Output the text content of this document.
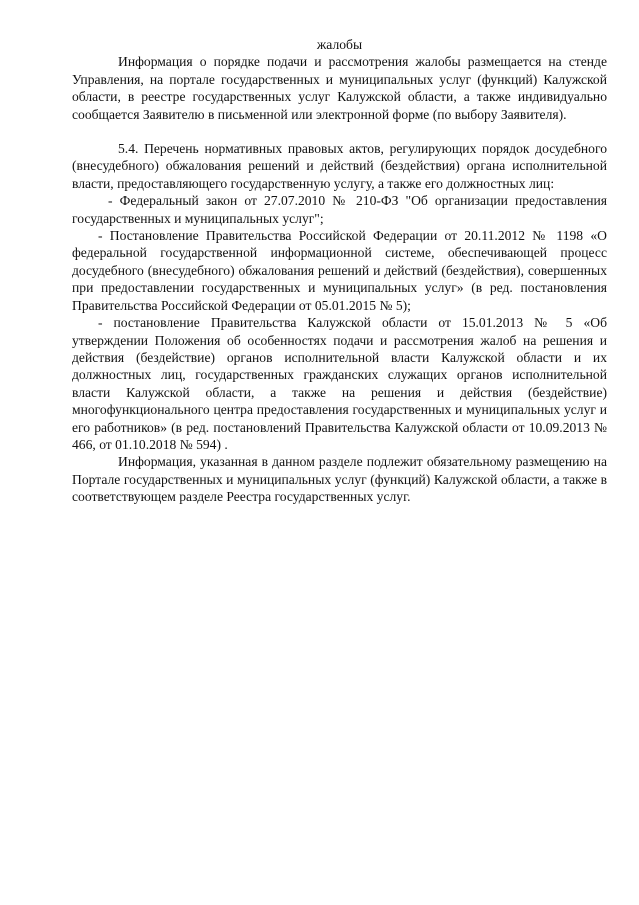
жалобы

Информация о порядке подачи и рассмотрения жалобы размещается на стенде Управления, на портале государственных и муниципальных услуг (функций) Калужской области, в реестре государственных услуг Калужской области, а также индивидуально сообщается Заявителю в письменной или электронной форме (по выбору Заявителя).

5.4. Перечень нормативных правовых актов, регулирующих порядок досудебного (внесудебного) обжалования решений и действий (бездействия) органа исполнительной власти, предоставляющего государственную услугу, а также его должностных лиц:

- Федеральный закон от 27.07.2010 № 210-ФЗ "Об организации предоставления государственных и муниципальных услуг";

- Постановление Правительства Российской Федерации от 20.11.2012 № 1198 «О федеральной государственной информационной системе, обеспечивающей процесс досудебного (внесудебного) обжалования решений и действий (бездействия), совершенных при предоставлении государственных и муниципальных услуг» (в ред. постановления Правительства Российской Федерации от 05.01.2015 № 5);

- постановление Правительства Калужской области от 15.01.2013 № 5 «Об утверждении Положения об особенностях подачи и рассмотрения жалоб на решения и действия (бездействие) органов исполнительной власти Калужской области и их должностных лиц, государственных гражданских служащих органов исполнительной власти Калужской области, а также на решения и действия (бездействие) многофункционального центра предоставления государственных и муниципальных услуг и его работников» (в ред. постановлений Правительства Калужской области от 10.09.2013 № 466, от 01.10.2018 № 594) .

Информация, указанная в данном разделе подлежит обязательному размещению на Портале государственных и муниципальных услуг (функций) Калужской области, а также в соответствующем разделе Реестра государственных услуг.
